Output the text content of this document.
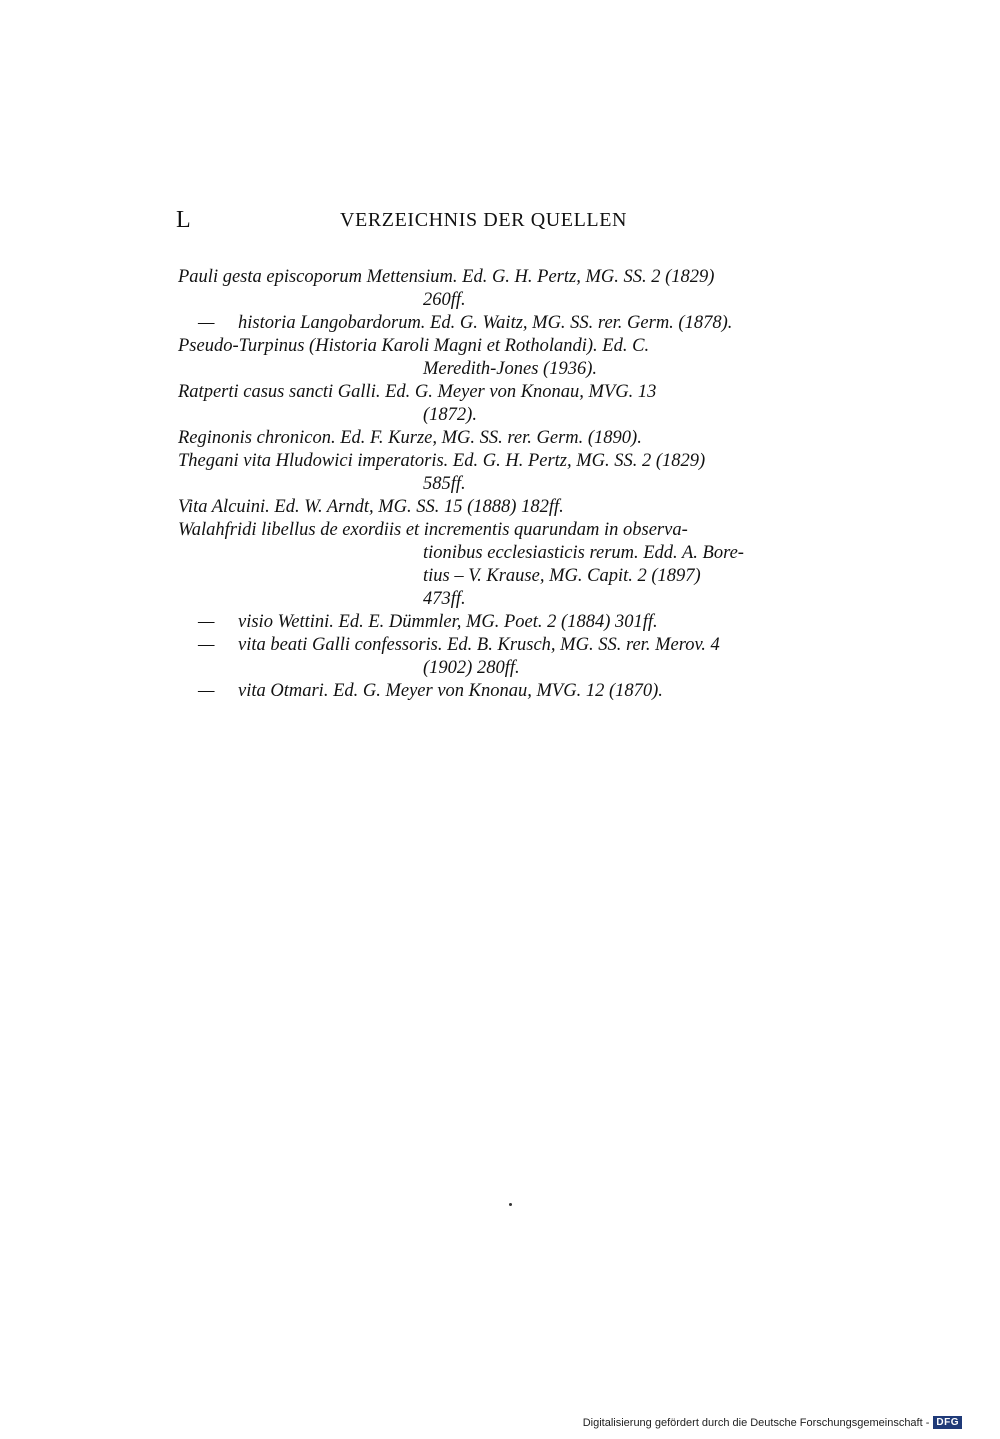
L	VERZEICHNIS DER QUELLEN
Pauli gesta episcoporum Mettensium. Ed. G. H. Pertz, MG. SS. 2 (1829)
260ff.
— historia Langobardorum. Ed. G. Waitz, MG. SS. rer. Germ. (1878).
Pseudo-Turpinus (Historia Karoli Magni et Rotholandi). Ed. C.
Meredith-Jones (1936).
Ratperti casus sancti Galli. Ed. G. Meyer von Knonau, MVG. 13
(1872).
Reginonis chronicon. Ed. F. Kurze, MG. SS. rer. Germ. (1890).
Thegani vita Hludowici imperatoris. Ed. G. H. Pertz, MG. SS. 2 (1829)
585ff.
Vita Alcuini. Ed. W. Arndt, MG. SS. 15 (1888) 182ff.
Walahfridi libellus de exordiis et incrementis quarundam in observa-
tionibus ecclesiasticis rerum. Edd. A. Bore-
tius – V. Krause, MG. Capit. 2 (1897)
473ff.
— visio Wettini. Ed. E. Dümmler, MG. Poet. 2 (1884) 301ff.
— vita beati Galli confessoris. Ed. B. Krusch, MG. SS. rer. Merov. 4
(1902) 280ff.
— vita Otmari. Ed. G. Meyer von Knonau, MVG. 12 (1870).
Digitalisierung gefördert durch die Deutsche Forschungsgemeinschaft - DFG
